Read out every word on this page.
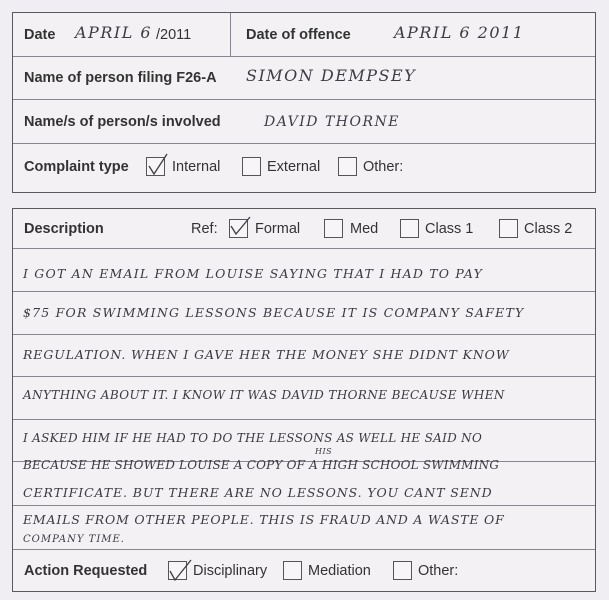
Date APRIL 6 /2011	Date of offence	APRIL 6 2011
Name of person filing F26-A SIMON DEMPSEY
Name/s of person/s involved	DAVID THORNE
Complaint type	Internal	External	Other:
Description	Ref:	Formal	Med	Class 1	Class 2
I GOT AN EMAIL FROM LOUISE SAYING THAT I HAD TO PAY
$75 FOR SWIMMING LESSONS BECAUSE IT IS COMPANY SAFETY
REGULATION. WHEN I GAVE HER THE MONEY SHE DIDNT KNOW
ANYTHING ABOUT IT. I KNOW IT WAS DAVID THORNE BECAUSE WHEN
I ASKED HIM IF HE HAD TO DO THE LESSONS AS WELL HE SAID NO
HIS
BECAUSE HE SHOWED LOUISE A COPY OF A HIGH SCHOOL SWIMMING
CERTIFICATE. BUT THERE ARE NO LESSONS. YOU CANT SEND
EMAILS FROM OTHER PEOPLE. THIS IS FRAUD AND A WASTE OF
COMPANY TIME.
Action Requested	Disciplinary	Mediation	Other:
